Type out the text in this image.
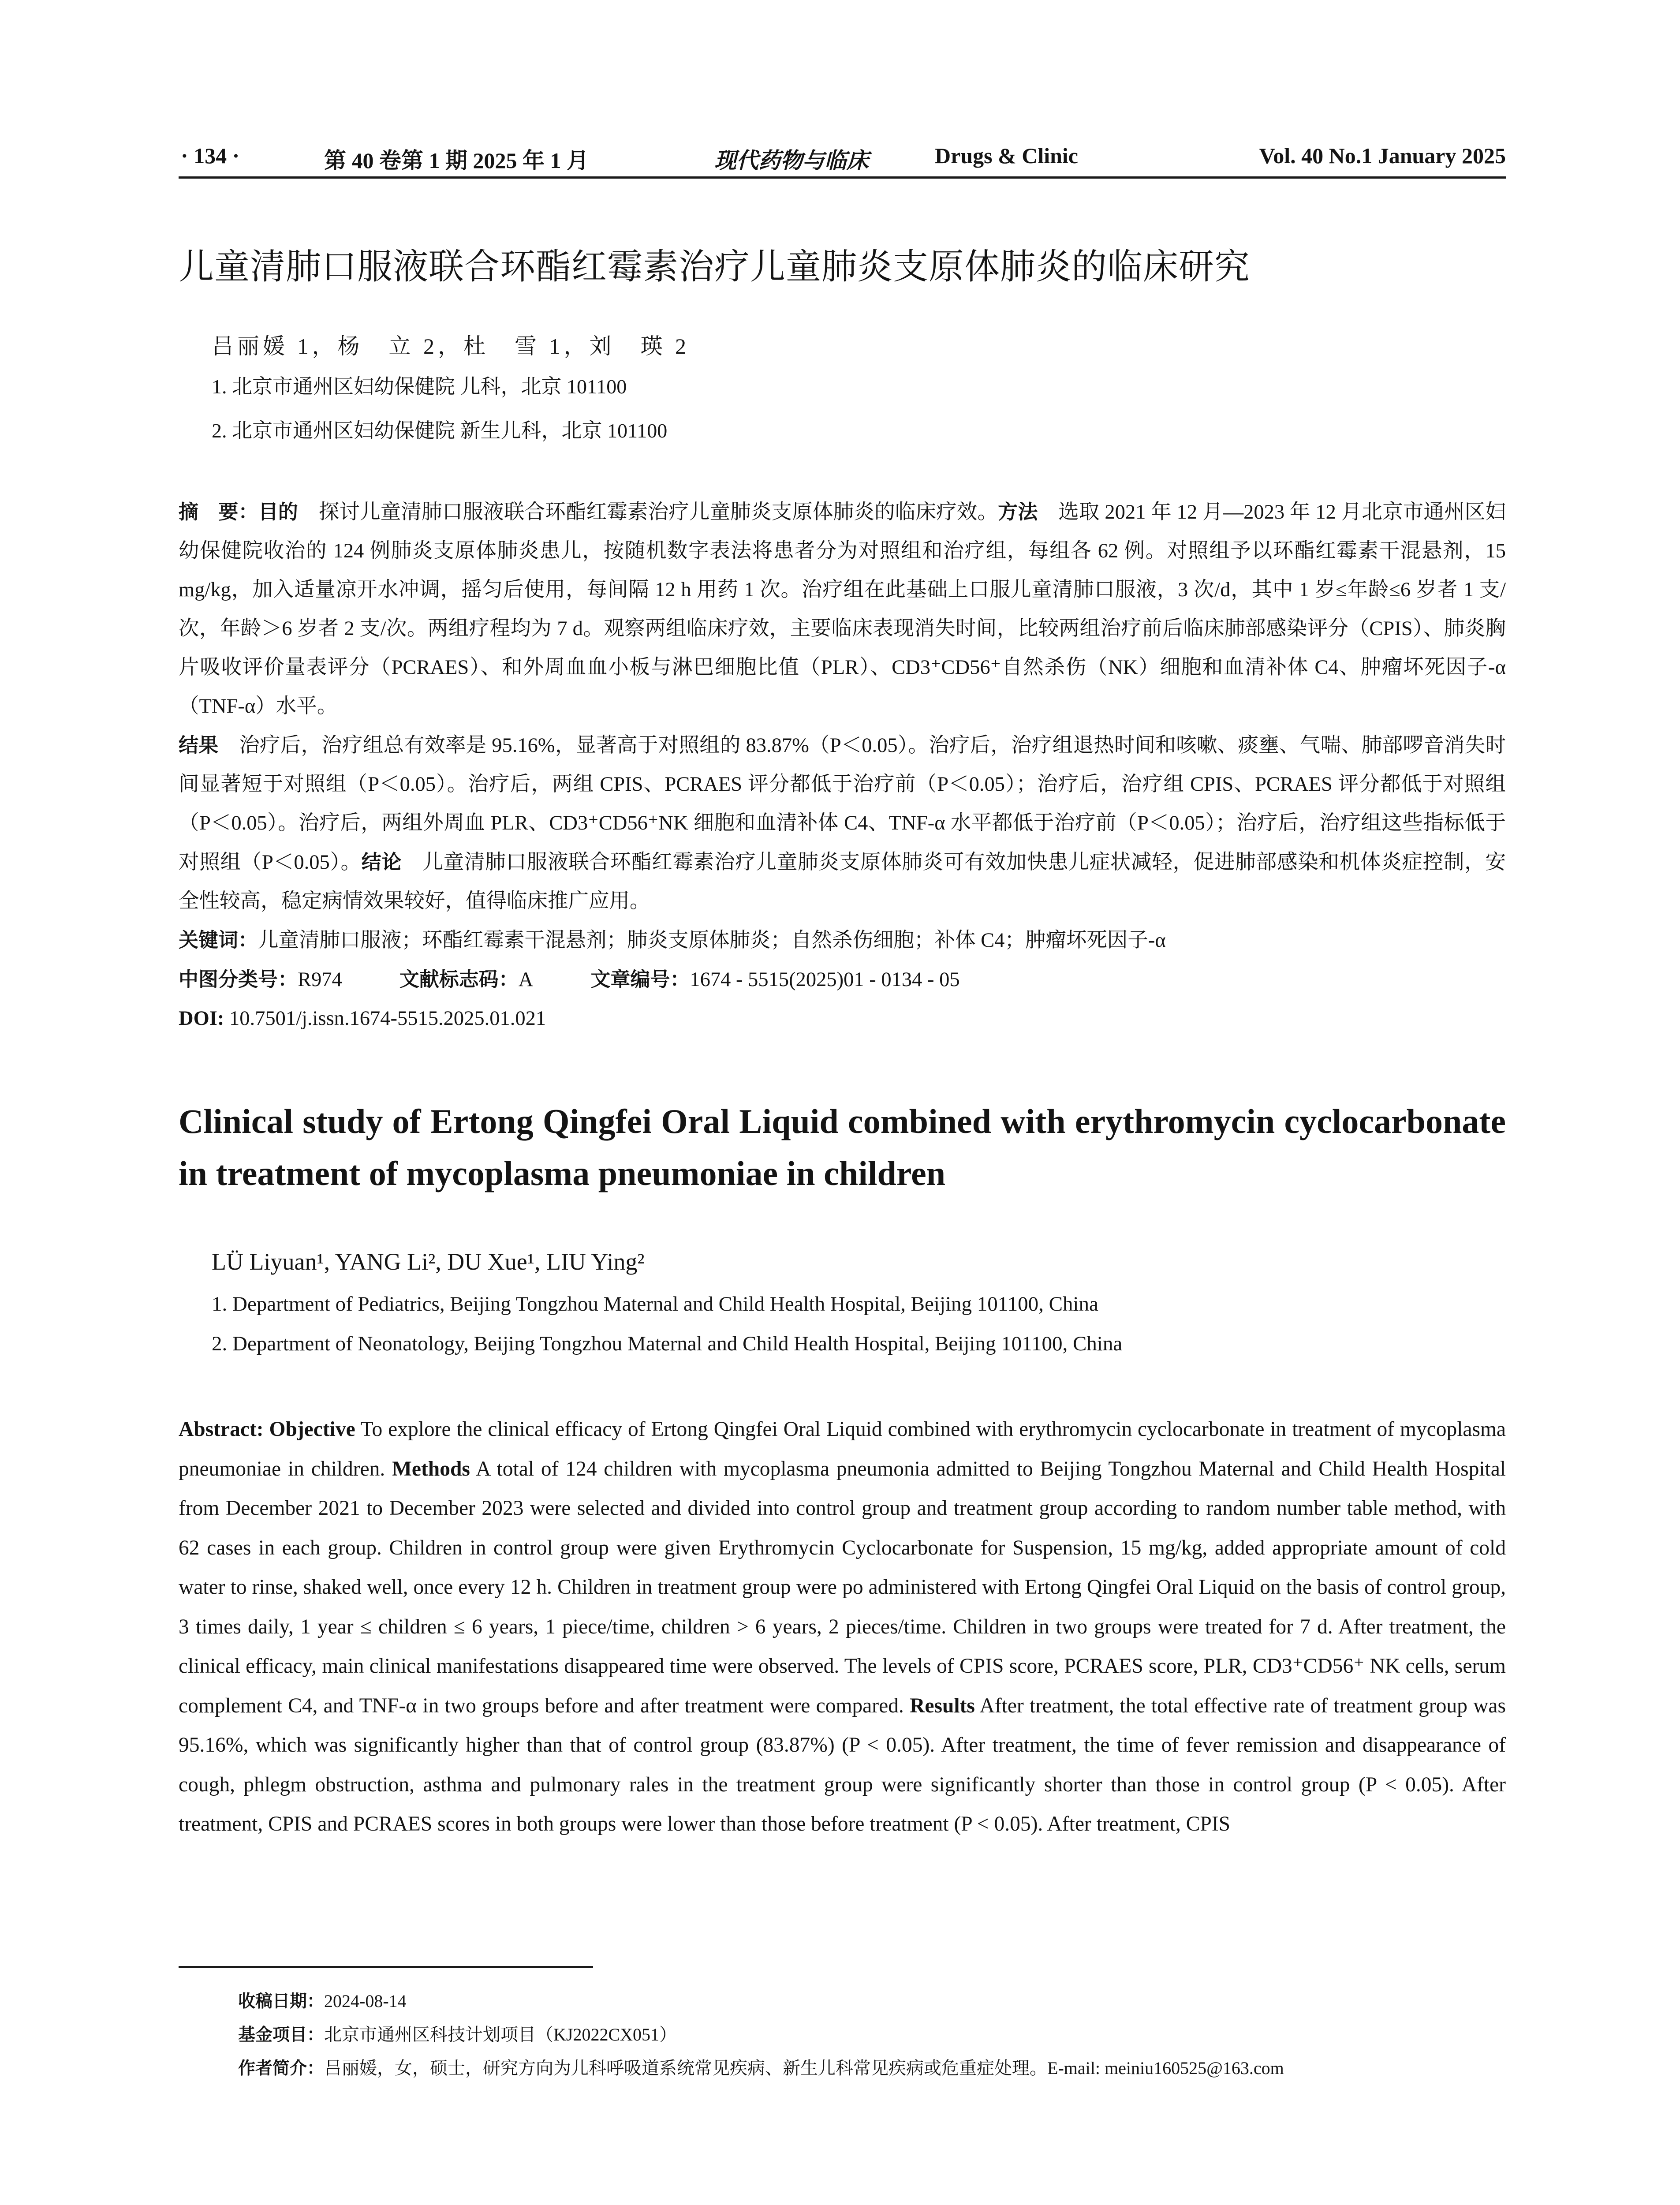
· 134 ·	第 40 卷第 1 期 2025 年 1 月	现代药物与临床	Drugs & Clinic	Vol. 40 No.1 January 2025
儿童清肺口服液联合环酯红霉素治疗儿童肺炎支原体肺炎的临床研究
吕丽媛 1，杨　立 2，杜　雪 1，刘　瑛 2
1. 北京市通州区妇幼保健院 儿科，北京 101100
2. 北京市通州区妇幼保健院 新生儿科，北京 101100

摘　要：目的　探讨儿童清肺口服液联合环酯红霉素治疗儿童肺炎支原体肺炎的临床疗效。方法　选取 2021 年 12 月—2023 年 12 月北京市通州区妇幼保健院收治的 124 例肺炎支原体肺炎患儿，按随机数字表法将患者分为对照组和治疗组，每组各 62 例。对照组予以环酯红霉素干混悬剂，15 mg/kg，加入适量凉开水冲调，摇匀后使用，每间隔 12 h 用药 1 次。治疗组在此基础上口服儿童清肺口服液，3 次/d，其中 1 岁≤年龄≤6 岁者 1 支/次，年龄＞6 岁者 2 支/次。两组疗程均为 7 d。观察两组临床疗效，主要临床表现消失时间，比较两组治疗前后临床肺部感染评分（CPIS）、肺炎胸片吸收评价量表评分（PCRAES）、和外周血血小板与淋巴细胞比值（PLR）、CD3⁺CD56⁺自然杀伤（NK）细胞和血清补体 C4、肿瘤坏死因子-α（TNF-α）水平。
结果　治疗后，治疗组总有效率是 95.16%，显著高于对照组的 83.87%（P＜0.05）。治疗后，治疗组退热时间和咳嗽、痰壅、气喘、肺部啰音消失时间显著短于对照组（P＜0.05）。治疗后，两组 CPIS、PCRAES 评分都低于治疗前（P＜0.05）；治疗后，治疗组 CPIS、PCRAES 评分都低于对照组（P＜0.05）。治疗后，两组外周血 PLR、CD3⁺CD56⁺NK 细胞和血清补体 C4、TNF-α 水平都低于治疗前（P＜0.05）；治疗后，治疗组这些指标低于对照组（P＜0.05）。结论　儿童清肺口服液联合环酯红霉素治疗儿童肺炎支原体肺炎可有效加快患儿症状减轻，促进肺部感染和机体炎症控制，安全性较高，稳定病情效果较好，值得临床推广应用。

关键词：儿童清肺口服液；环酯红霉素干混悬剂；肺炎支原体肺炎；自然杀伤细胞；补体 C4；肿瘤坏死因子-α
中图分类号：R974	文献标志码：A	文章编号：1674 - 5515(2025)01 - 0134 - 05
DOI: 10.7501/j.issn.1674-5515.2025.01.021
Clinical study of Ertong Qingfei Oral Liquid combined with erythromycin cyclocarbonate in treatment of mycoplasma pneumoniae in children
LÜ Liyuan¹, YANG Li², DU Xue¹, LIU Ying²
1. Department of Pediatrics, Beijing Tongzhou Maternal and Child Health Hospital, Beijing 101100, China
2. Department of Neonatology, Beijing Tongzhou Maternal and Child Health Hospital, Beijing 101100, China

Abstract: Objective To explore the clinical efficacy of Ertong Qingfei Oral Liquid combined with erythromycin cyclocarbonate in treatment of mycoplasma pneumoniae in children. Methods A total of 124 children with mycoplasma pneumonia admitted to Beijing Tongzhou Maternal and Child Health Hospital from December 2021 to December 2023 were selected and divided into control group and treatment group according to random number table method, with 62 cases in each group. Children in control group were given Erythromycin Cyclocarbonate for Suspension, 15 mg/kg, added appropriate amount of cold water to rinse, shaked well, once every 12 h. Children in treatment group were po administered with Ertong Qingfei Oral Liquid on the basis of control group, 3 times daily, 1 year ≤ children ≤ 6 years, 1 piece/time, children > 6 years, 2 pieces/time. Children in two groups were treated for 7 d. After treatment, the clinical efficacy, main clinical manifestations disappeared time were observed. The levels of CPIS score, PCRAES score, PLR, CD3⁺CD56⁺ NK cells, serum complement C4, and TNF-α in two groups before and after treatment were compared. Results After treatment, the total effective rate of treatment group was 95.16%, which was significantly higher than that of control group (83.87%) (P < 0.05). After treatment, the time of fever remission and disappearance of cough, phlegm obstruction, asthma and pulmonary rales in the treatment group were significantly shorter than those in control group (P < 0.05). After treatment, CPIS and PCRAES scores in both groups were lower than those before treatment (P < 0.05). After treatment, CPIS

收稿日期：2024-08-14
基金项目：北京市通州区科技计划项目（KJ2022CX051）
作者简介：吕丽媛，女，硕士，研究方向为儿科呼吸道系统常见疾病、新生儿科常见疾病或危重症处理。E-mail: meiniu160525@163.com
